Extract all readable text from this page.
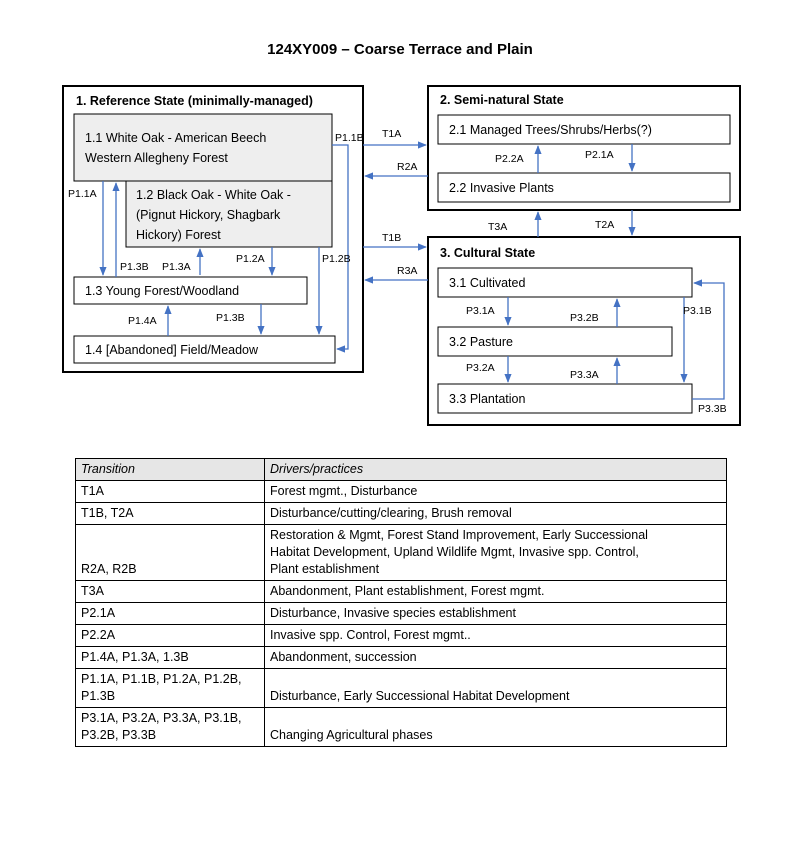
124XY009 – Coarse Terrace and Plain
1. Reference State (minimally-managed)
1.1 White Oak - American Beech
Western Allegheny Forest
1.2 Black Oak - White Oak -
(Pignut Hickory, Shagbark
Hickory) Forest
1.3 Young Forest/Woodland
1.4 [Abandoned] Field/Meadow
P1.1B
P1.1A
P1.3B P1.3A
P1.2A	P1.2B
P1.4A	P1.3B
2. Semi-natural State
2.1 Managed Trees/Shrubs/Herbs(?)
2.2 Invasive Plants
P2.2A	P2.1A
3. Cultural State
3.1 Cultivated
3.2 Pasture
3.3 Plantation
P3.1A
P3.2B
P3.1B
P3.2A
P3.3A
P3.3B
T1A
R2A
T1B
R3A
T3A	T2A
Transition	Drivers/practices
T1A	Forest mgmt., Disturbance
T1B, T2A	Disturbance/cutting/clearing, Brush removal
R2A, R2B	Restoration & Mgmt, Forest Stand Improvement, Early Successional
Habitat Development, Upland Wildlife Mgmt, Invasive spp. Control,
Plant establishment
T3A	Abandonment, Plant establishment, Forest mgmt.
P2.1A	Disturbance, Invasive species establishment
P2.2A	Invasive spp. Control, Forest mgmt..
P1.4A, P1.3A, 1.3B	Abandonment, succession
P1.1A, P1.1B, P1.2A, P1.2B,
P1.3B	Disturbance, Early Successional Habitat Development
P3.1A, P3.2A, P3.3A, P3.1B,
P3.2B, P3.3B	Changing Agricultural phases
